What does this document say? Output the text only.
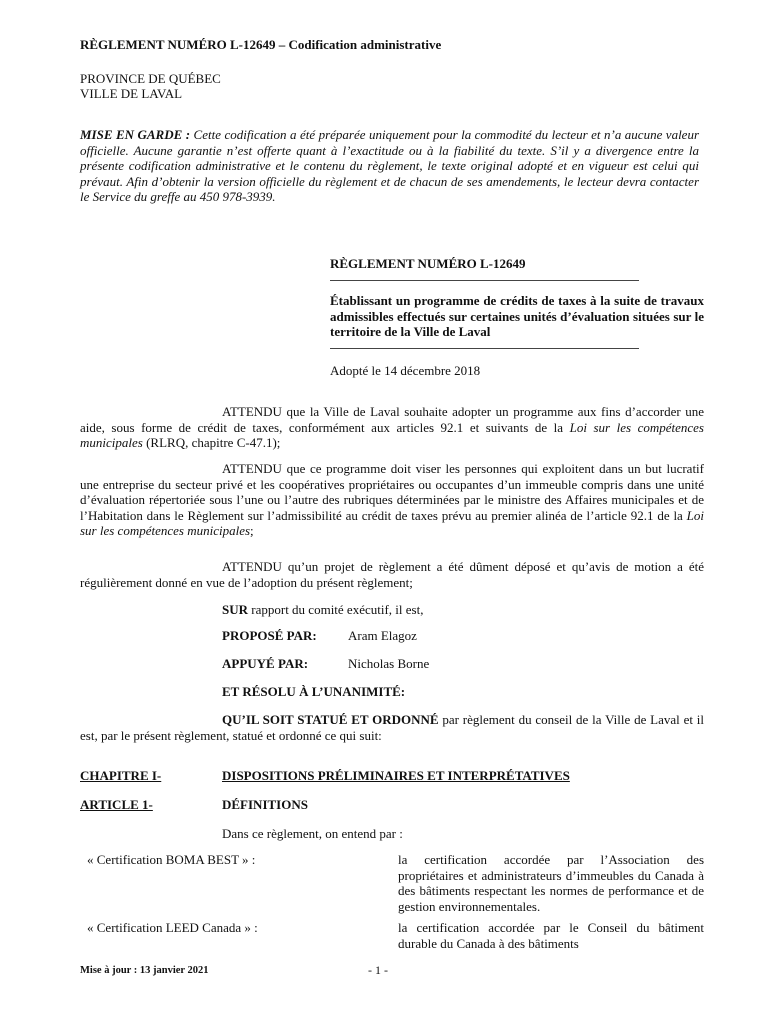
RÈGLEMENT NUMÉRO L-12649 – Codification administrative
PROVINCE DE QUÉBEC
VILLE DE LAVAL
MISE EN GARDE : Cette codification a été préparée uniquement pour la commodité du lecteur et n’a aucune valeur officielle. Aucune garantie n’est offerte quant à l’exactitude ou à la fiabilité du texte. S’il y a divergence entre la présente codification administrative et le contenu du règlement, le texte original adopté et en vigueur est celui qui prévaut. Afin d’obtenir la version officielle du règlement et de chacun de ses amendements, le lecteur devra contacter le Service du greffe au 450 978-3939.
RÈGLEMENT NUMÉRO L-12649
Établissant un programme de crédits de taxes à la suite de travaux admissibles effectués sur certaines unités d’évaluation situées sur le territoire de la Ville de Laval
Adopté le 14 décembre 2018
ATTENDU que la Ville de Laval souhaite adopter un programme aux fins d’accorder une aide, sous forme de crédit de taxes, conformément aux articles 92.1 et suivants de la Loi sur les compétences municipales (RLRQ, chapitre C-47.1);
ATTENDU que ce programme doit viser les personnes qui exploitent dans un but lucratif une entreprise du secteur privé et les coopératives propriétaires ou occupantes d’un immeuble compris dans une unité d’évaluation répertoriée sous l’une ou l’autre des rubriques déterminées par le ministre des Affaires municipales et de l’Habitation dans le Règlement sur l’admissibilité au crédit de taxes prévu au premier alinéa de l’article 92.1 de la Loi sur les compétences municipales;
ATTENDU qu’un projet de règlement a été dûment déposé et qu’avis de motion a été régulièrement donné en vue de l’adoption du présent règlement;
SUR rapport du comité exécutif, il est,
PROPOSÉ PAR: Aram Elagoz
APPUYÉ PAR:	Nicholas Borne
ET RÉSOLU À L’UNANIMITÉ:
QU’IL SOIT STATUÉ ET ORDONNÉ par règlement du conseil de la Ville de Laval et il est, par le présent règlement, statué et ordonné ce qui suit:
CHAPITRE I-	DISPOSITIONS PRÉLIMINAIRES ET INTERPRÉTATIVES
ARTICLE 1-	DÉFINITIONS
Dans ce règlement, on entend par :
« Certification BOMA BEST » :	la certification accordée par l’Association des propriétaires et administrateurs d’immeubles du Canada à des bâtiments respectant les normes de performance et de gestion environnementales.
« Certification LEED Canada » :	la certification accordée par le Conseil du bâtiment durable du Canada à des bâtiments
Mise à jour : 13 janvier 2021	- 1 -
